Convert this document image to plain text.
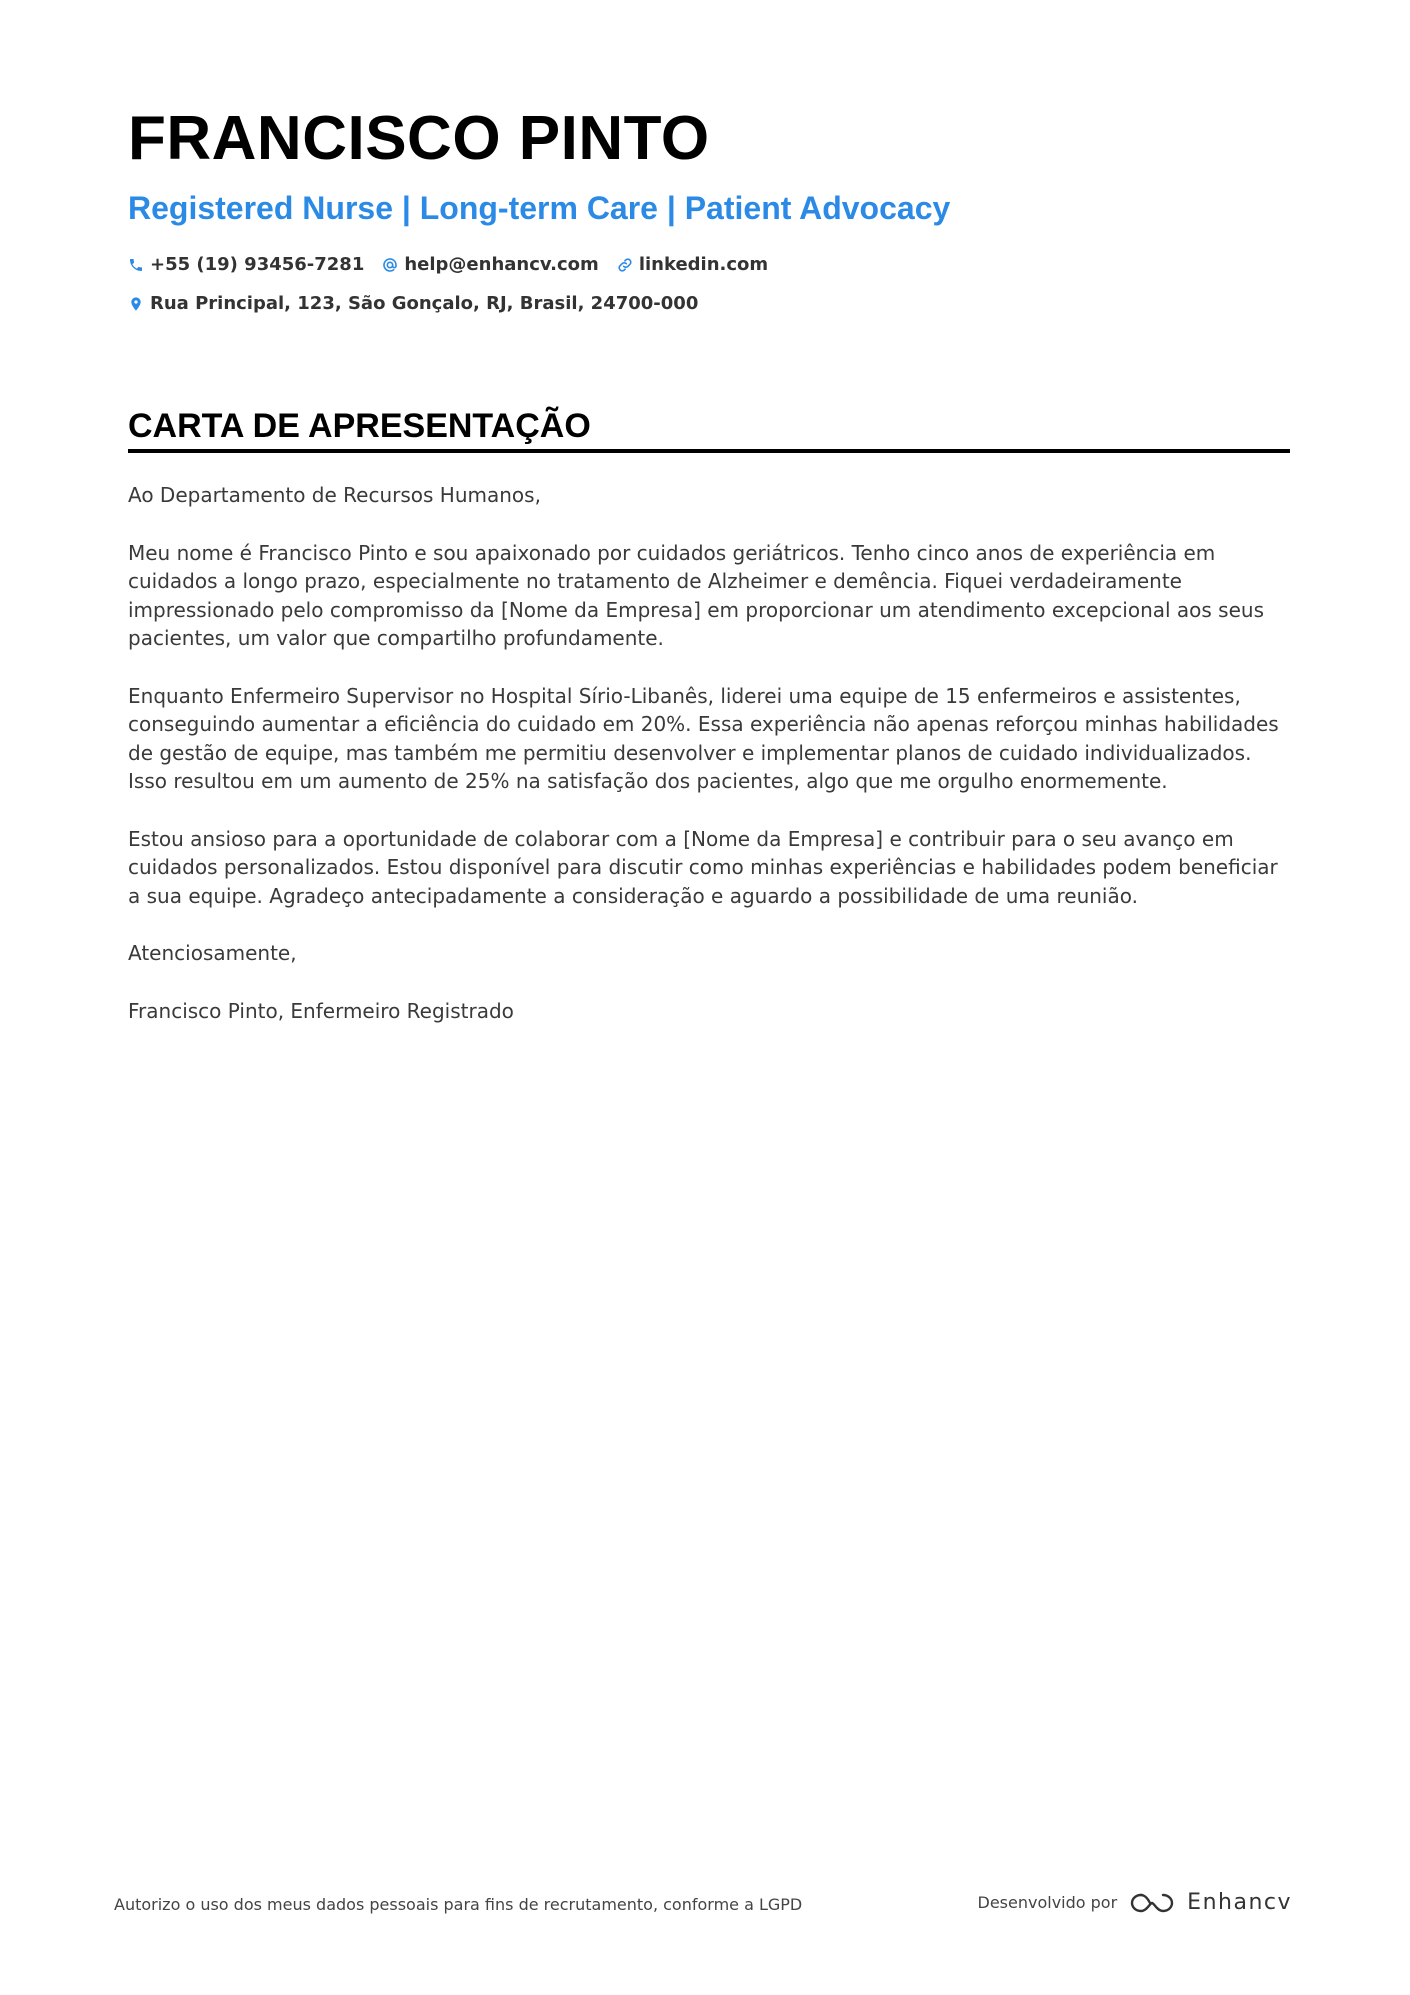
FRANCISCO PINTO
Registered Nurse | Long-term Care | Patient Advocacy
+55 (19) 93456-7281 help@enhancv.com linkedin.com
Rua Principal, 123, São Gonçalo, RJ, Brasil, 24700-000
CARTA DE APRESENTAÇÃO

Ao Departamento de Recursos Humanos,

Meu nome é Francisco Pinto e sou apaixonado por cuidados geriátricos. Tenho cinco anos de experiência em cuidados a longo prazo, especialmente no tratamento de Alzheimer e demência. Fiquei verdadeiramente impressionado pelo compromisso da [Nome da Empresa] em proporcionar um atendimento excepcional aos seus pacientes, um valor que compartilho profundamente.

Enquanto Enfermeiro Supervisor no Hospital Sírio-Libanês, liderei uma equipe de 15 enfermeiros e assistentes, conseguindo aumentar a eficiência do cuidado em 20%. Essa experiência não apenas reforçou minhas habilidades de gestão de equipe, mas também me permitiu desenvolver e implementar planos de cuidado individualizados. Isso resultou em um aumento de 25% na satisfação dos pacientes, algo que me orgulho enormemente.

Estou ansioso para a oportunidade de colaborar com a [Nome da Empresa] e contribuir para o seu avanço em cuidados personalizados. Estou disponível para discutir como minhas experiências e habilidades podem beneficiar a sua equipe. Agradeço antecipadamente a consideração e aguardo a possibilidade de uma reunião.

Atenciosamente,

Francisco Pinto, Enfermeiro Registrado

Autorizo o uso dos meus dados pessoais para fins de recrutamento, conforme a LGPD	Desenvolvido por	Enhancv
